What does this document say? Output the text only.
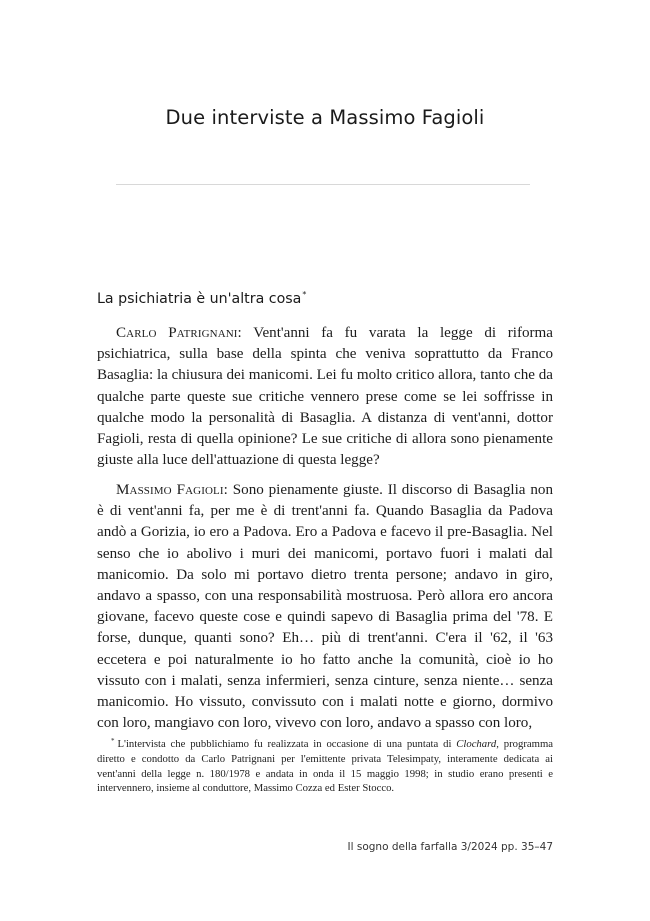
Due interviste a Massimo Fagioli
La psichiatria è un'altra cosa*

Carlo Patrignani: Vent'anni fa fu varata la legge di riforma psichiatrica, sulla base della spinta che veniva soprattutto da Franco Basaglia: la chiusura dei manicomi. Lei fu molto critico allora, tanto che da qualche parte queste sue critiche vennero prese come se lei soffrisse in qualche modo la personalità di Basaglia. A distanza di vent'anni, dottor Fagioli, resta di quella opinione? Le sue critiche di allora sono pienamente giuste alla luce dell'attuazione di questa legge?

Massimo Fagioli: Sono pienamente giuste. Il discorso di Basaglia non è di vent'anni fa, per me è di trent'anni fa. Quando Basaglia da Padova andò a Gorizia, io ero a Padova. Ero a Padova e facevo il pre-Basaglia. Nel senso che io abolivo i muri dei manicomi, portavo fuori i malati dal manicomio. Da solo mi portavo dietro trenta persone; andavo in giro, andavo a spasso, con una responsabilità mostruosa. Però allora ero ancora giovane, facevo queste cose e quindi sapevo di Basaglia prima del '78. E forse, dunque, quanti sono? Eh… più di trent'anni. C'era il '62, il '63 eccetera e poi naturalmente io ho fatto anche la comunità, cioè io ho vissuto con i malati, senza infermieri, senza cinture, senza niente… senza manicomio. Ho vissuto, convissuto con i malati notte e giorno, dormivo con loro, mangiavo con loro, vivevo con loro, andavo a spasso con loro,

* L'intervista che pubblichiamo fu realizzata in occasione di una puntata di Clochard, programma diretto e condotto da Carlo Patrignani per l'emittente privata Telesimpaty, interamente dedicata ai vent'anni della legge n. 180/1978 e andata in onda il 15 maggio 1998; in studio erano presenti e intervennero, insieme al conduttore, Massimo Cozza ed Ester Stocco.

Il sogno della farfalla 3/2024 pp. 35–47
